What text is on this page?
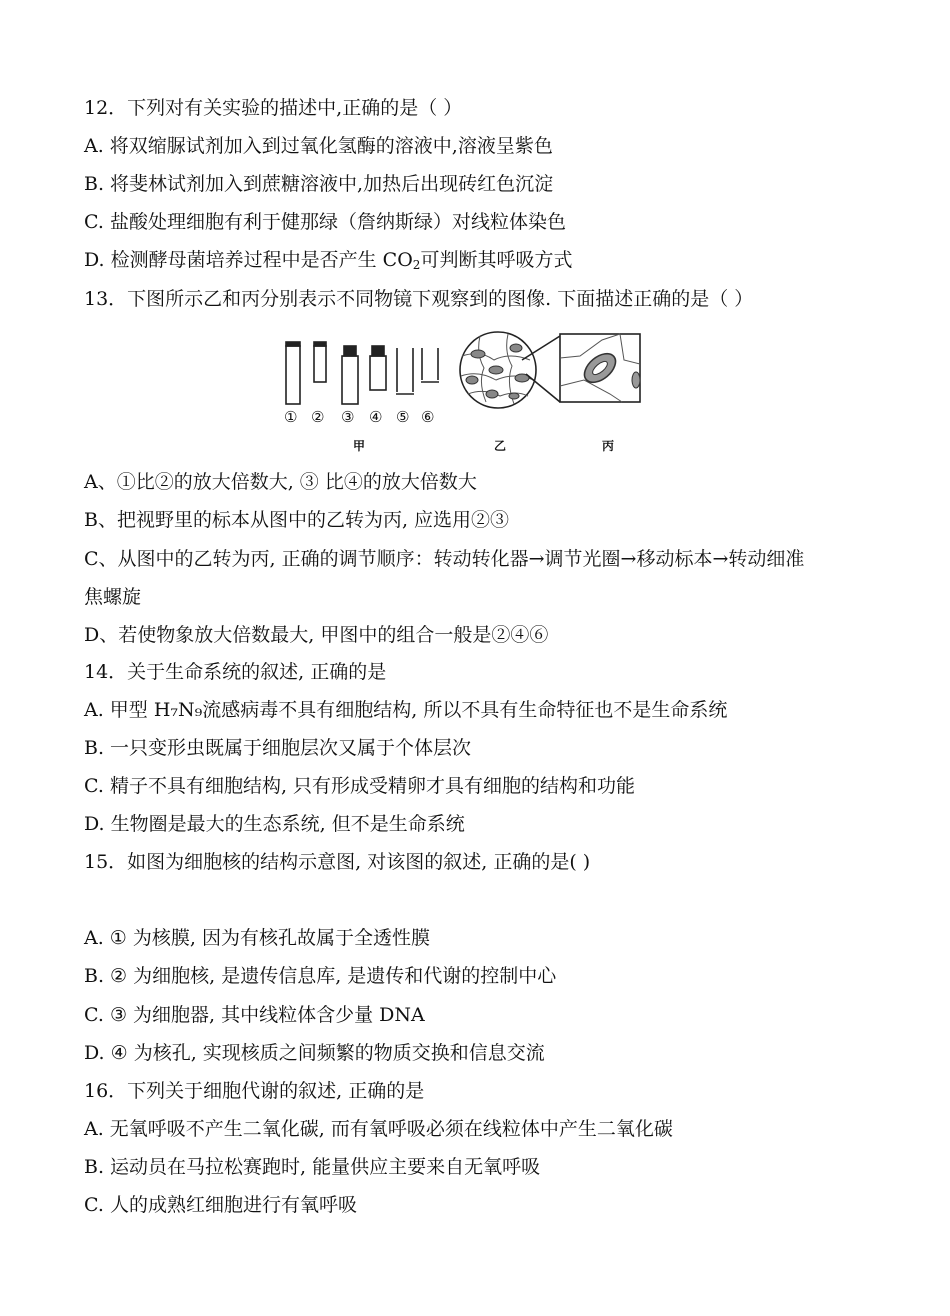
12．下列对有关实验的描述中,正确的是（ ）
A. 将双缩脲试剂加入到过氧化氢酶的溶液中,溶液呈紫色
B. 将斐林试剂加入到蔗糖溶液中,加热后出现砖红色沉淀
C. 盐酸处理细胞有利于健那绿（詹纳斯绿）对线粒体染色
D. 检测酵母菌培养过程中是否产生 $CO_2$可判断其呼吸方式
13．下图所示乙和丙分别表示不同物镜下观察到的图像. 下面描述正确的是（ ）
① ② ③ ④ ⑤ ⑥
甲	乙	丙
A、①比②的放大倍数大, ③ 比④的放大倍数大
B、把视野里的标本从图中的乙转为丙, 应选用②③
C、从图中的乙转为丙, 正确的调节顺序：转动转化器→调节光圈→移动标本→转动细准
焦螺旋
D、若使物象放大倍数最大, 甲图中的组合一般是②④⑥
14．关于生命系统的叙述, 正确的是
A. 甲型 H₇N₉流感病毒不具有细胞结构, 所以不具有生命特征也不是生命系统
B. 一只变形虫既属于细胞层次又属于个体层次
C. 精子不具有细胞结构, 只有形成受精卵才具有细胞的结构和功能
D. 生物圈是最大的生态系统, 但不是生命系统
15．如图为细胞核的结构示意图, 对该图的叙述, 正确的是( )
A. ① 为核膜, 因为有核孔故属于全透性膜
B. ② 为细胞核, 是遗传信息库, 是遗传和代谢的控制中心
C. ③ 为细胞器, 其中线粒体含少量 DNA
D. ④ 为核孔, 实现核质之间频繁的物质交换和信息交流
16．下列关于细胞代谢的叙述, 正确的是
A. 无氧呼吸不产生二氧化碳, 而有氧呼吸必须在线粒体中产生二氧化碳
B. 运动员在马拉松赛跑时, 能量供应主要来自无氧呼吸
C. 人的成熟红细胞进行有氧呼吸
